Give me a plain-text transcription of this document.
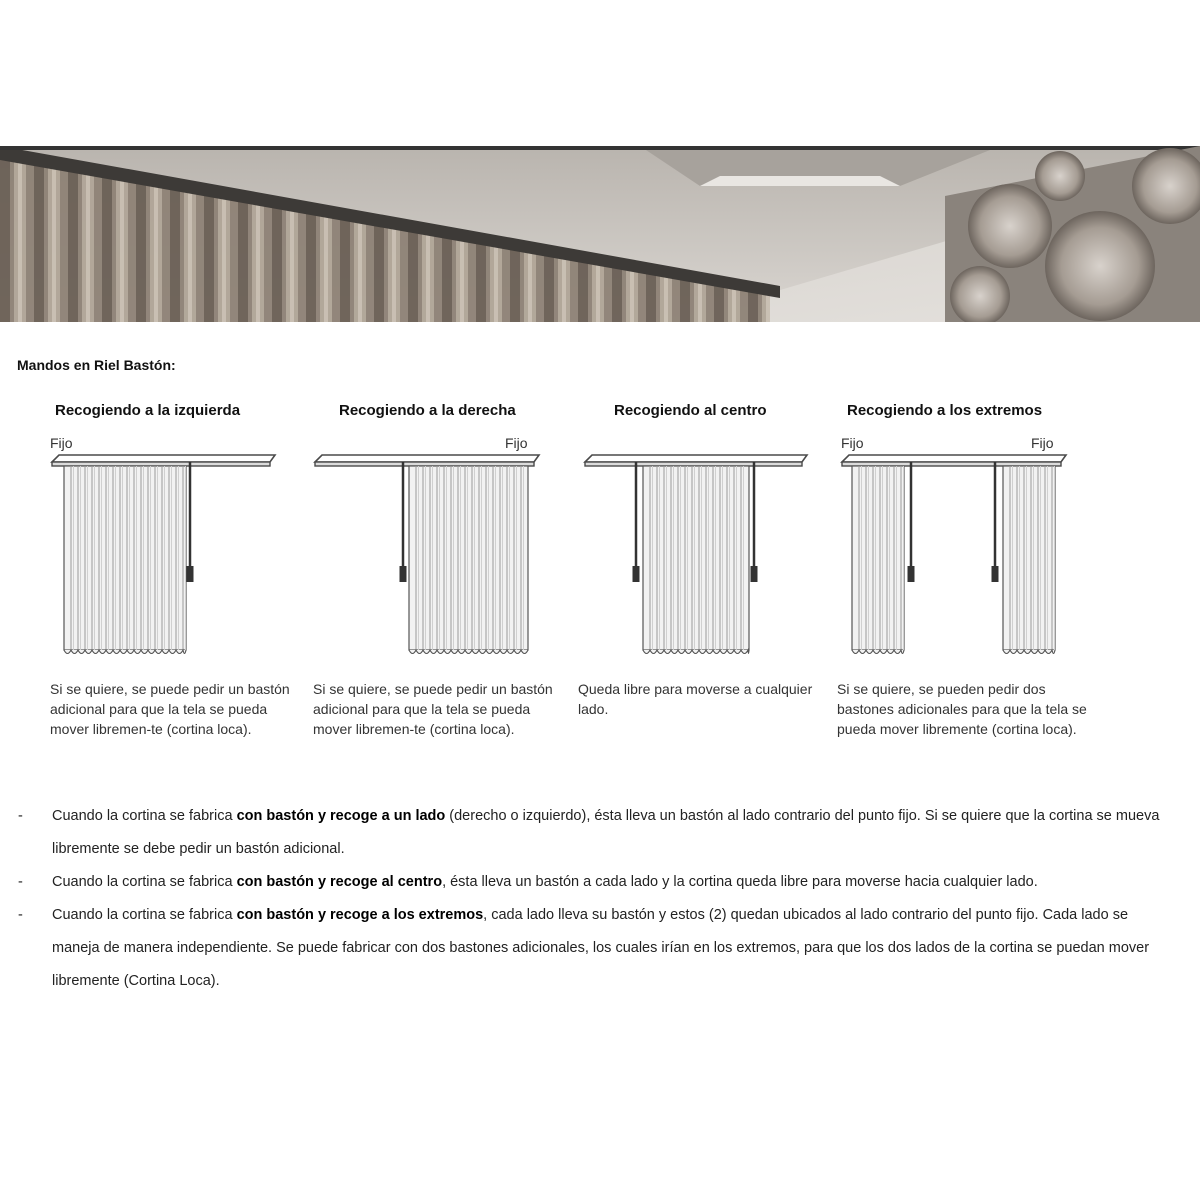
Mandos en Riel Bastón:
Recogiendo a la izquierda
Fijo
Si se quiere, se puede pedir un bastón adicional para que la tela se pueda mover libremen-te (cortina loca).
Recogiendo a la derecha
Fijo
Si se quiere, se puede pedir un bastón adicional para que la tela se pueda mover libremen-te (cortina loca).
Recogiendo al centro
Queda libre para moverse a cualquier lado.
Recogiendo a los extremos
Fijo	Fijo
Si se quiere, se pueden pedir dos bastones adicionales para que la tela se pueda mover libremente (cortina loca).
- Cuando la cortina se fabrica con bastón y recoge a un lado (derecho o izquierdo), ésta lleva un bastón al lado contrario del punto fijo. Si se quiere que la cortina se mueva libremente se debe pedir un bastón adicional.
- Cuando la cortina se fabrica con bastón y recoge al centro, ésta lleva un bastón a cada lado y la cortina queda libre para moverse hacia cualquier lado.
- Cuando la cortina se fabrica con bastón y recoge a los extremos, cada lado lleva su bastón y estos (2) quedan ubicados al lado contrario del punto fijo. Cada lado se maneja de manera independiente. Se puede fabricar con dos bastones adicionales, los cuales irían en los extremos, para que los dos lados de la cortina se puedan mover libremente (Cortina Loca).
